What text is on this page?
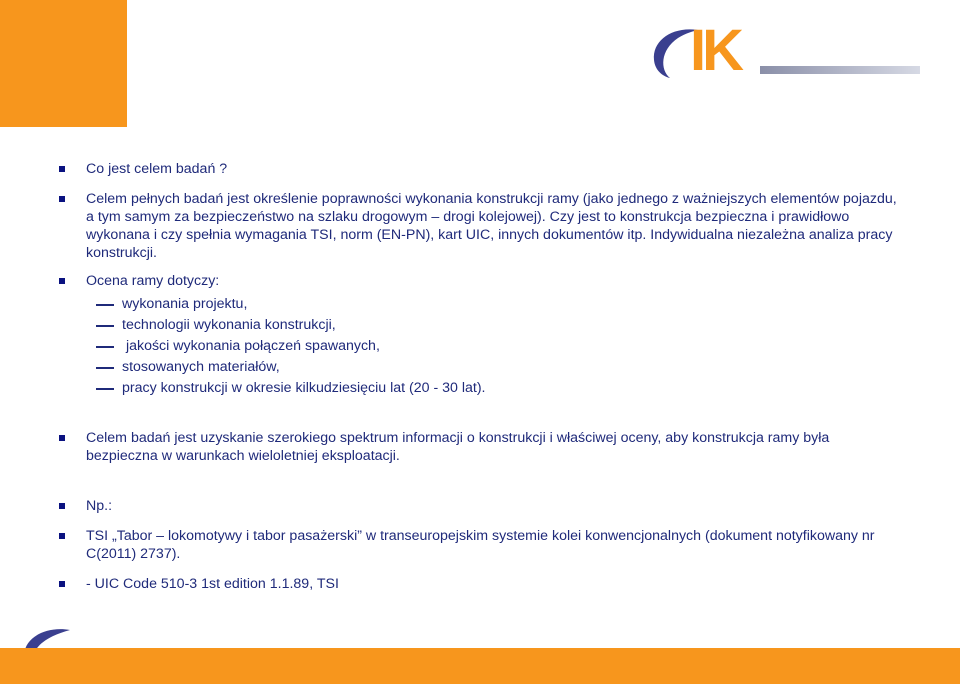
IK
Co jest celem badań ?
Celem pełnych badań jest określenie poprawności wykonania konstrukcji ramy (jako jednego z ważniejszych elementów pojazdu, a tym samym za bezpieczeństwo na szlaku drogowym – drogi kolejowej). Czy jest to konstrukcja bezpieczna i prawidłowo wykonana i czy spełnia wymagania TSI, norm (EN-PN), kart UIC, innych dokumentów itp. Indywidualna niezależna analiza pracy konstrukcji.
Ocena ramy dotyczy:
wykonania projektu,
technologii wykonania konstrukcji,
jakości wykonania połączeń spawanych,
stosowanych materiałów,
pracy konstrukcji w okresie kilkudziesięciu lat (20 - 30 lat).
Celem badań jest uzyskanie szerokiego spektrum informacji o konstrukcji i właściwej oceny, aby konstrukcja ramy była bezpieczna w warunkach wieloletniej eksploatacji.
Np.:
TSI „Tabor – lokomotywy i tabor pasażerski” w transeuropejskim systemie kolei konwencjonalnych (dokument notyfikowany nr C(2011) 2737).
- UIC Code 510-3 1st edition 1.1.89, TSI
